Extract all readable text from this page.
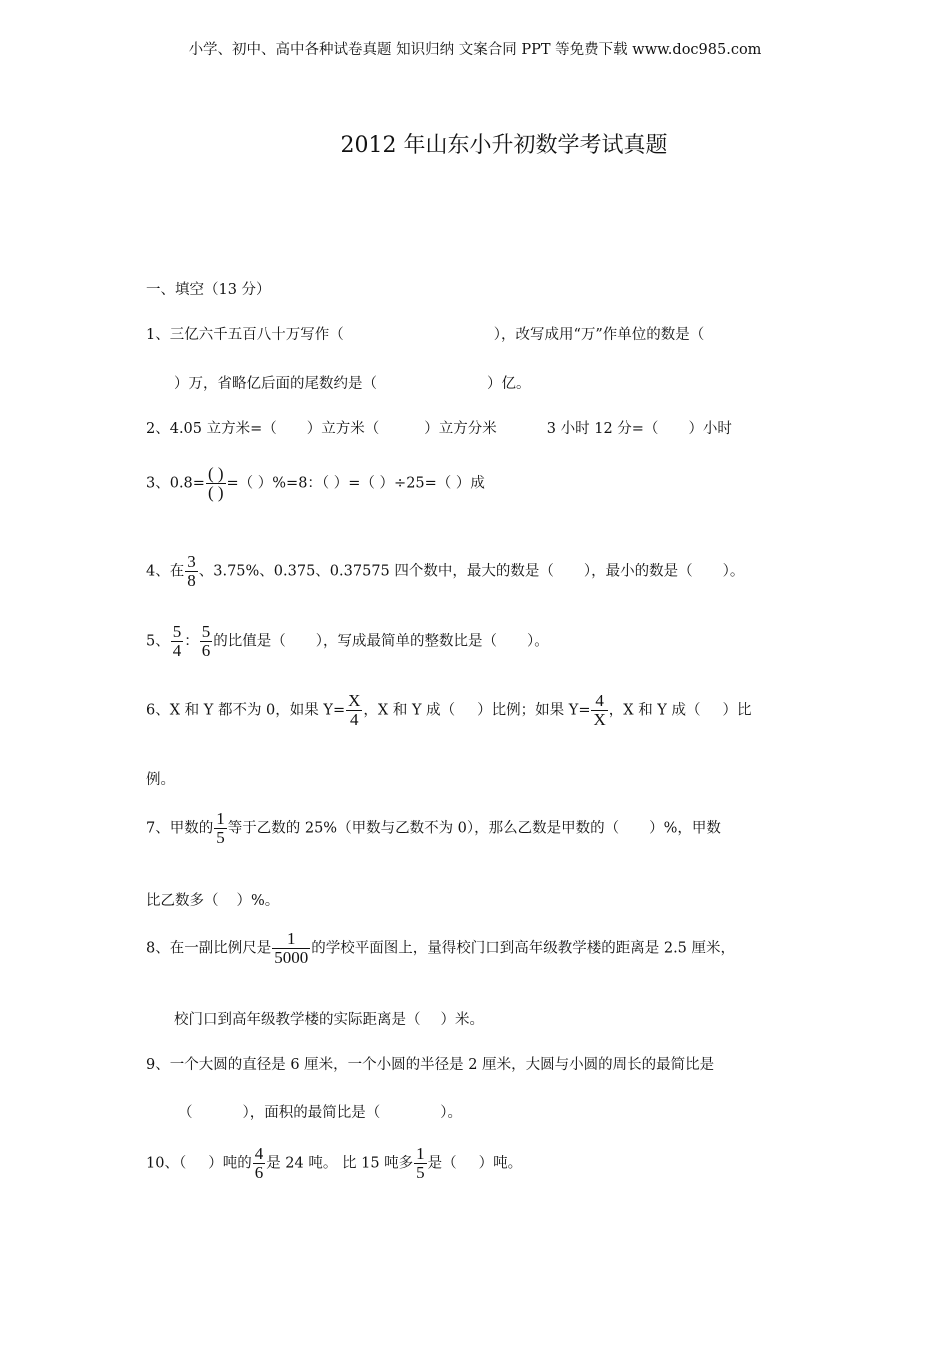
小学、初中、高中各种试卷真题 知识归纳 文案合同 PPT 等免费下载 www.doc985.com
2012 年山东小升初数学考试真题
一、填空（13 分）
1、三亿六千五百八十万写作（	），改写成用“万”作单位的数是（
）万，省略亿后面的尾数约是（	）亿。
2、4.05 立方米=（ ）立方米（	）立方分米	3 小时 12 分=（ ）小时
3、$0.8= \frac{( )}{( )}$ =（ ）%=8：（ ）=（ ）÷25=（ ）成
4、在 $\frac{3}{8}$ 、3.75%、0.375、0.37575 四个数中，最大的数是（ ），最小的数是（ ）。
5、 $\frac{5}{4}$ ： $\frac{5}{6}$ 的比值是（ ），写成最简单的整数比是（ ）。
6、X 和 Y 都不为 0，如果 $Y= \frac{X}{4}$ ，X 和 Y 成（ ）比例；如果 $Y= \frac{4}{X}$ ，X 和 Y 成（ ）比
例。
7、甲数的 $\frac{1}{5}$ 等于乙数的 25%（甲数与乙数不为 0），那么乙数是甲数的（ ）%，甲数
比乙数多（ ）%。
8、在一副比例尺是 $\frac{1}{5000}$ 的学校平面图上，量得校门口到高年级教学楼的距离是 2.5 厘米，
校门口到高年级教学楼的实际距离是（ ）米。
9、一个大圆的直径是 6 厘米，一个小圆的半径是 2 厘米，大圆与小圆的周长的最简比是
（	），面积的最简比是（	）。
10、（ ）吨的 $\frac{4}{6}$ 是 24 吨。 比 15 吨多 $\frac{1}{5}$ 是（ ）吨。
